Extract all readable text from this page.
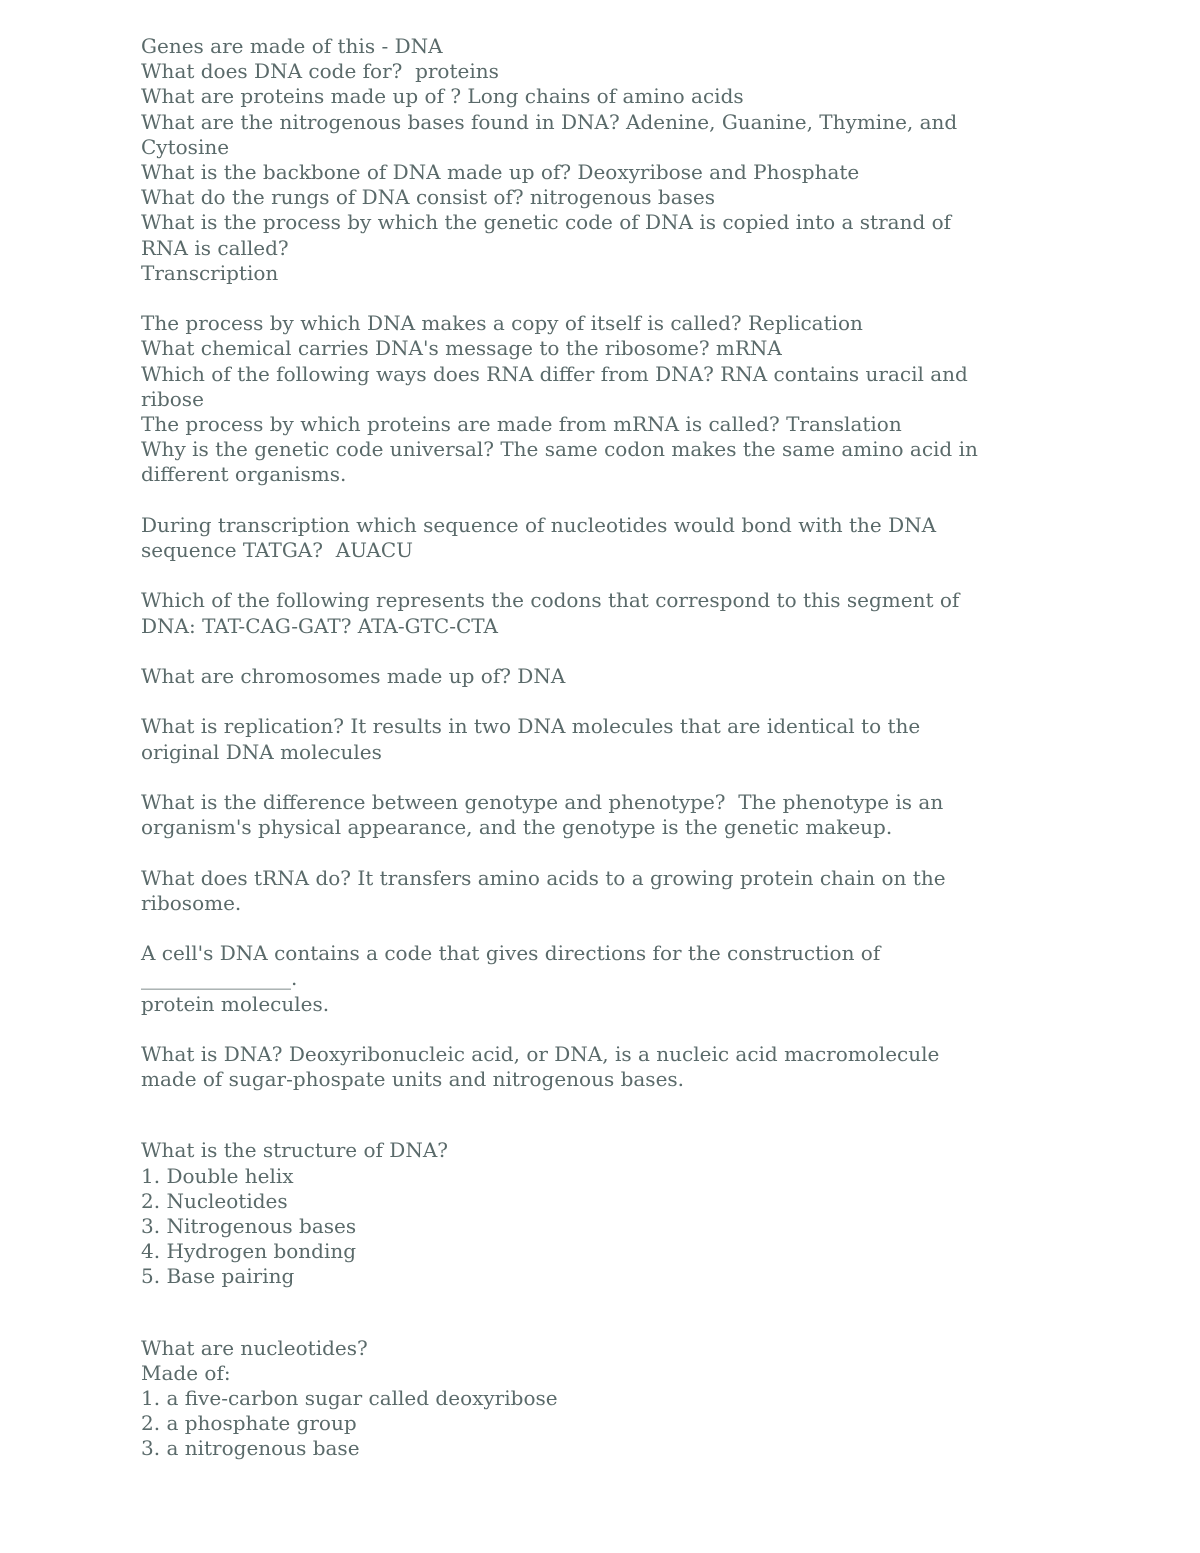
Genes are made of this - DNA
What does DNA code for?  proteins
What are proteins made up of ? Long chains of amino acids
What are the nitrogenous bases found in DNA? Adenine, Guanine, Thymine, and
Cytosine
What is the backbone of DNA made up of? Deoxyribose and Phosphate
What do the rungs of DNA consist of? nitrogenous bases
What is the process by which the genetic code of DNA is copied into a strand of
RNA is called?
Transcription
The process by which DNA makes a copy of itself is called? Replication
What chemical carries DNA's message to the ribosome? mRNA
Which of the following ways does RNA differ from DNA? RNA contains uracil and
ribose
The process by which proteins are made from mRNA is called? Translation
Why is the genetic code universal? The same codon makes the same amino acid in
different organisms.
During transcription which sequence of nucleotides would bond with the DNA
sequence TATGA?  AUACU
Which of the following represents the codons that correspond to this segment of
DNA: TAT-CAG-GAT? ATA-GTC-CTA
What are chromosomes made up of? DNA
What is replication? It results in two DNA molecules that are identical to the
original DNA molecules
What is the difference between genotype and phenotype?  The phenotype is an
organism's physical appearance, and the genotype is the genetic makeup.
What does tRNA do? It transfers amino acids to a growing protein chain on the
ribosome.
A cell's DNA contains a code that gives directions for the construction of
_______________.
protein molecules.
What is DNA? Deoxyribonucleic acid, or DNA, is a nucleic acid macromolecule
made of sugar-phospate units and nitrogenous bases.
What is the structure of DNA?
1. Double helix
2. Nucleotides
3. Nitrogenous bases
4. Hydrogen bonding
5. Base pairing
What are nucleotides?
Made of:
1. a five-carbon sugar called deoxyribose
2. a phosphate group
3. a nitrogenous base
